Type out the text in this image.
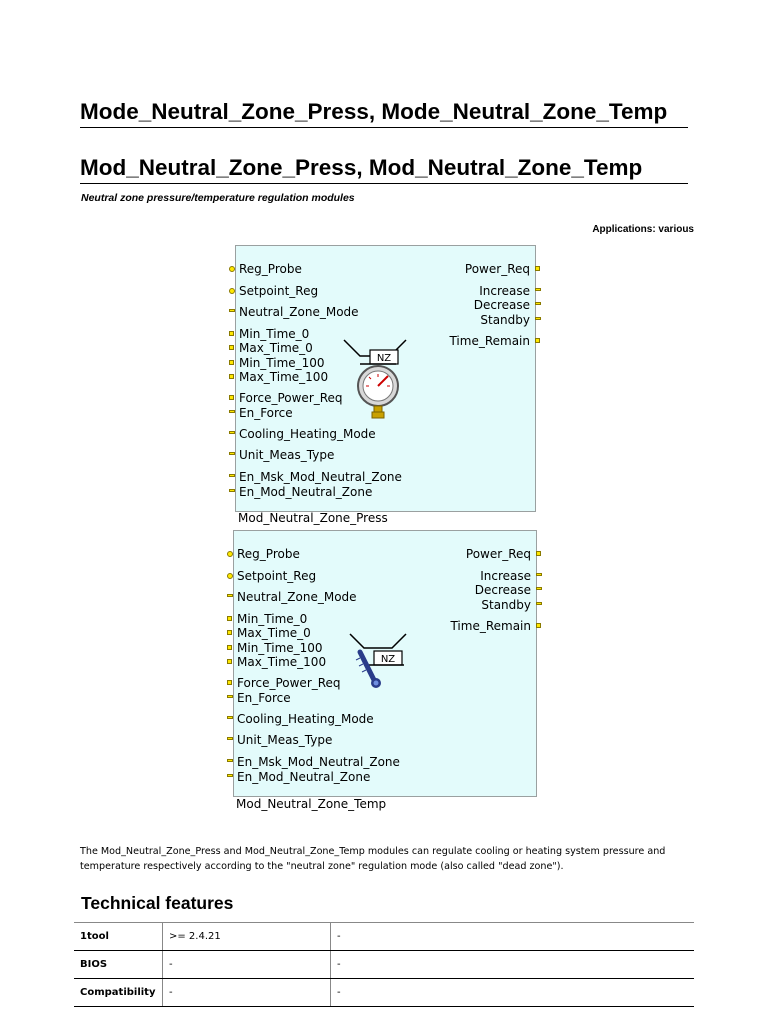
Mode_Neutral_Zone_Press, Mode_Neutral_Zone_Temp
Mod_Neutral_Zone_Press, Mod_Neutral_Zone_Temp
Neutral zone pressure/temperature regulation modules
Applications: various
Mod_Neutral_Zone_Press
Mod_Neutral_Zone_Temp
NZ
NZ
The Mod_Neutral_Zone_Press and Mod_Neutral_Zone_Temp modules can regulate cooling or heating system pressure and temperature respectively according to the "neutral zone" regulation mode (also called "dead zone").
Technical features
1tool	>= 2.4.21	-
BIOS	-	-
Compatibility	-	-
Reg_Probe
Setpoint_Reg
Neutral_Zone_Mode
Min_Time_0
Max_Time_0
Min_Time_100
Max_Time_100
Force_Power_Req
En_Force
Cooling_Heating_Mode
Unit_Meas_Type
En_Msk_Mod_Neutral_Zone
En_Mod_Neutral_Zone
Power_Req
Increase
Decrease
Standby
Time_Remain
Reg_Probe
Setpoint_Reg
Neutral_Zone_Mode
Min_Time_0
Max_Time_0
Min_Time_100
Max_Time_100
Force_Power_Req
En_Force
Cooling_Heating_Mode
Unit_Meas_Type
En_Msk_Mod_Neutral_Zone
En_Mod_Neutral_Zone
Power_Req
Increase
Decrease
Standby
Time_Remain
